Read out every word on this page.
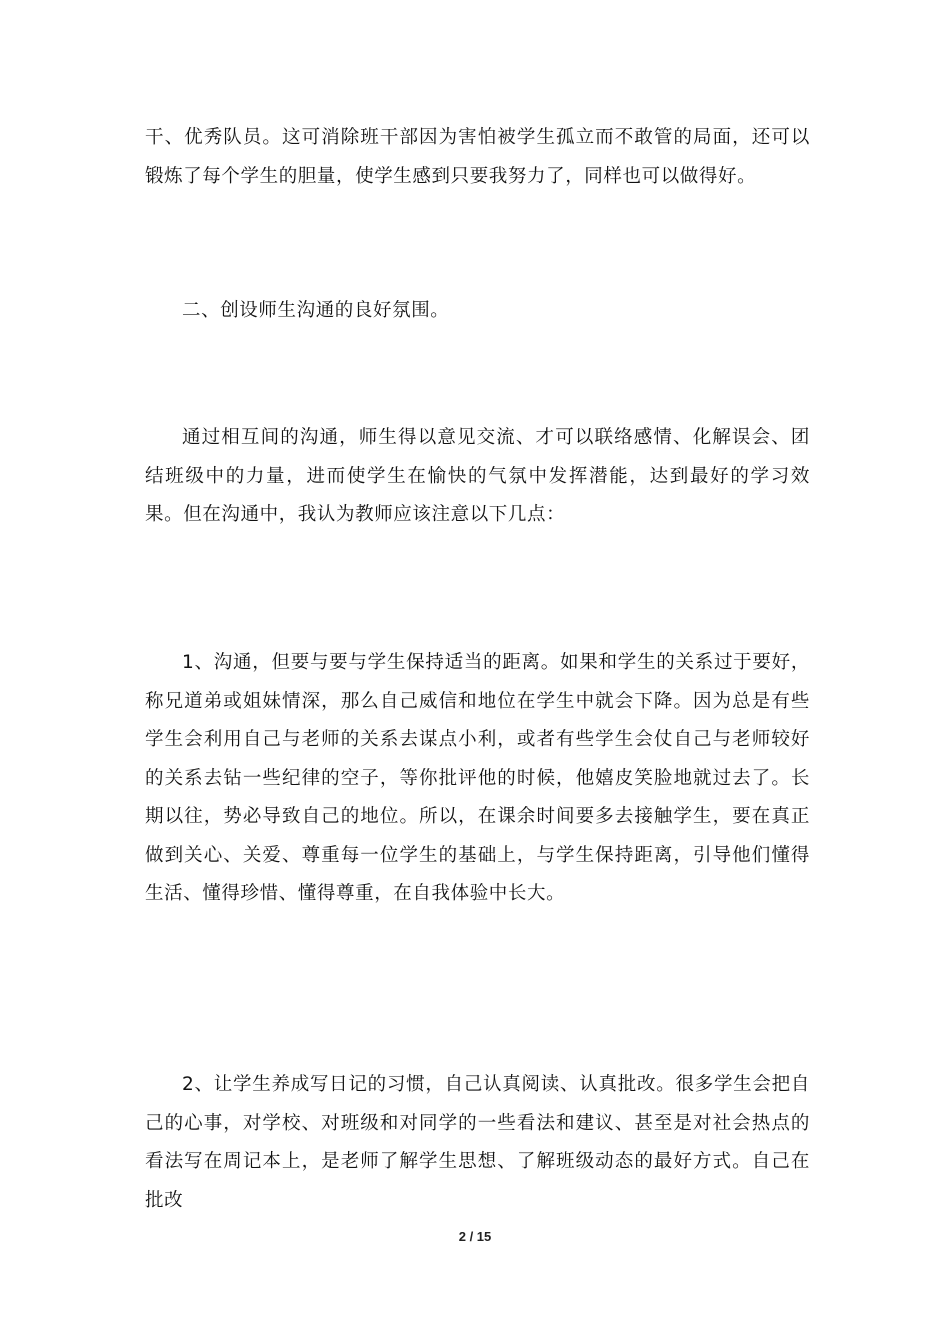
干、优秀队员。这可消除班干部因为害怕被学生孤立而不敢管的局面，还可以锻炼了每个学生的胆量，使学生感到只要我努力了，同样也可以做得好。

二、创设师生沟通的良好氛围。

通过相互间的沟通，师生得以意见交流、才可以联络感情、化解误会、团结班级中的力量，进而使学生在愉快的气氛中发挥潜能，达到最好的学习效果。但在沟通中，我认为教师应该注意以下几点：

1、沟通，但要与要与学生保持适当的距离。如果和学生的关系过于要好，称兄道弟或姐妹情深，那么自己威信和地位在学生中就会下降。因为总是有些学生会利用自己与老师的关系去谋点小利，或者有些学生会仗自己与老师较好的关系去钻一些纪律的空子，等你批评他的时候，他嬉皮笑脸地就过去了。长期以往，势必导致自己的地位。所以，在课余时间要多去接触学生，要在真正做到关心、关爱、尊重每一位学生的基础上，与学生保持距离，引导他们懂得生活、懂得珍惜、懂得尊重，在自我体验中长大。

2、让学生养成写日记的习惯，自己认真阅读、认真批改。很多学生会把自己的心事，对学校、对班级和对同学的一些看法和建议、甚至是对社会热点的看法写在周记本上，是老师了解学生思想、了解班级动态的最好方式。自己在批改

2 / 15
